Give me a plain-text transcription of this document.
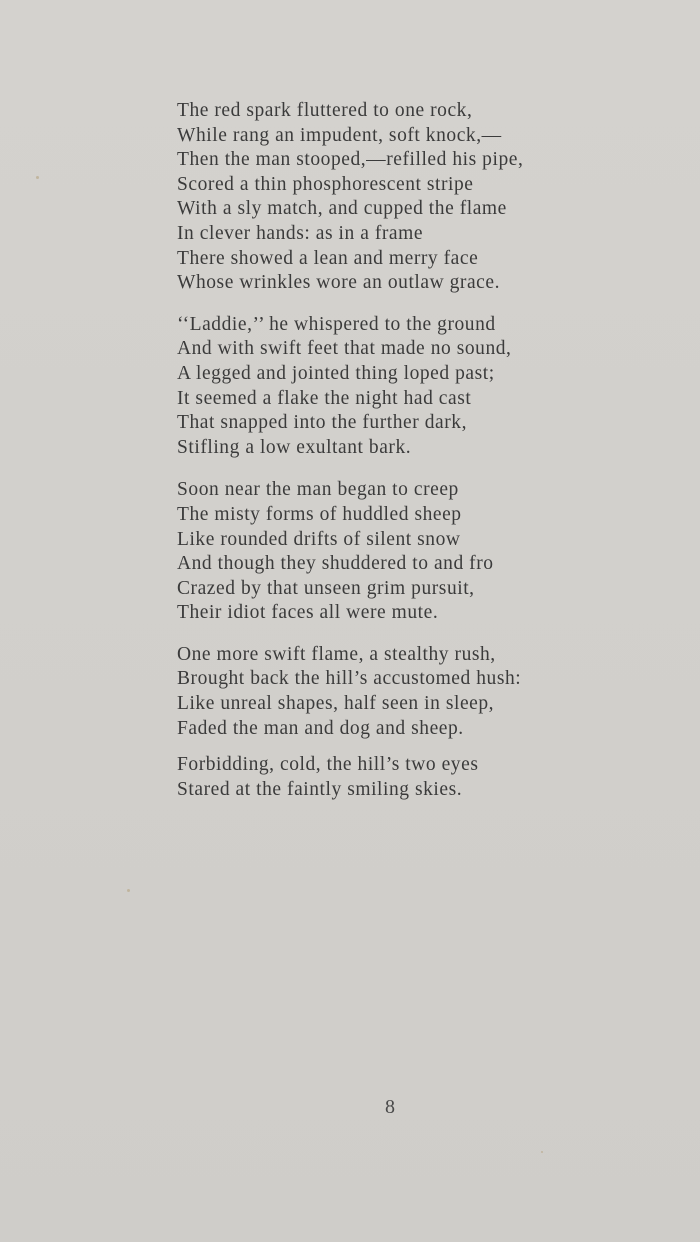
The red spark fluttered to one rock,
While rang an impudent, soft knock,—
Then the man stooped,—refilled his pipe,
Scored a thin phosphorescent stripe
With a sly match, and cupped the flame
In clever hands: as in a frame
There showed a lean and merry face
Whose wrinkles wore an outlaw grace.
‘‘Laddie,’’ he whispered to the ground
And with swift feet that made no sound,
A legged and jointed thing loped past;
It seemed a flake the night had cast
That snapped into the further dark,
Stifling a low exultant bark.
Soon near the man began to creep
The misty forms of huddled sheep
Like rounded drifts of silent snow
And though they shuddered to and fro
Crazed by that unseen grim pursuit,
Their idiot faces all were mute.
One more swift flame, a stealthy rush,
Brought back the hill’s accustomed hush:
Like unreal shapes, half seen in sleep,
Faded the man and dog and sheep.
Forbidding, cold, the hill’s two eyes
Stared at the faintly smiling skies.
8
